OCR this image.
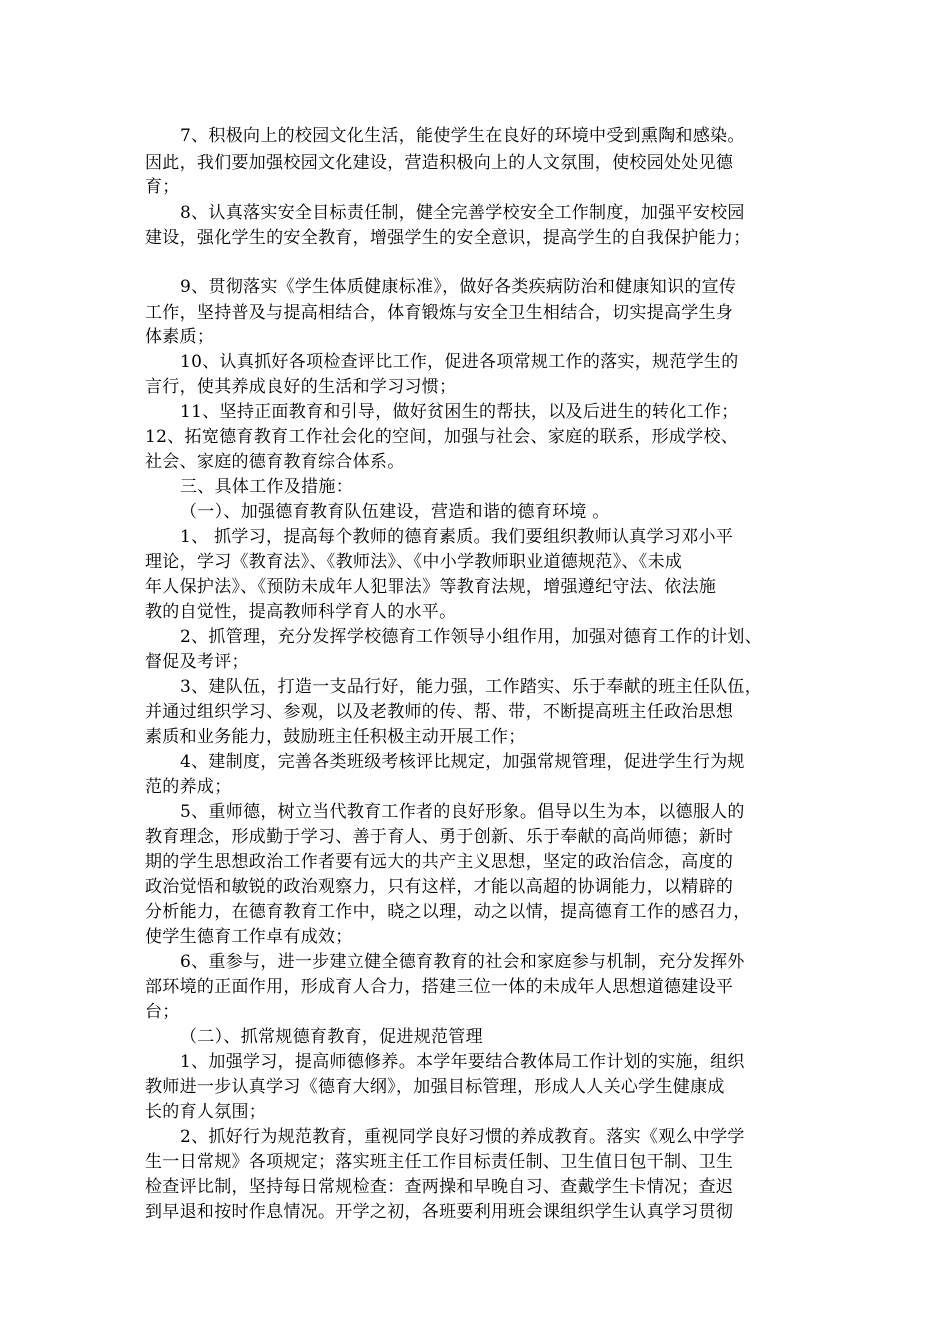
7、积极向上的校园文化生活，能使学生在良好的环境中受到熏陶和感染。
因此，我们要加强校园文化建设，营造积极向上的人文氛围，使校园处处见德
育；
8、认真落实安全目标责任制，健全完善学校安全工作制度，加强平安校园
建设，强化学生的安全教育，增强学生的安全意识，提高学生的自我保护能力；
9、贯彻落实《学生体质健康标准》，做好各类疾病防治和健康知识的宣传
工作，坚持普及与提高相结合，体育锻炼与安全卫生相结合，切实提高学生身
体素质；
10、认真抓好各项检查评比工作，促进各项常规工作的落实，规范学生的
言行，使其养成良好的生活和学习习惯；
11、坚持正面教育和引导，做好贫困生的帮扶，以及后进生的转化工作；
12、拓宽德育教育工作社会化的空间，加强与社会、家庭的联系，形成学校、
社会、家庭的德育教育综合体系。
三、具体工作及措施：
（一）、加强德育教育队伍建设，营造和谐的德育环境 。
1、 抓学习，提高每个教师的德育素质。我们要组织教师认真学习邓小平
理论，学习《教育法》、《教师法》、《中小学教师职业道德规范》、《未成
年人保护法》、《预防未成年人犯罪法》等教育法规，增强遵纪守法、依法施
教的自觉性，提高教师科学育人的水平。
2、抓管理，充分发挥学校德育工作领导小组作用，加强对德育工作的计划、
督促及考评；
3、建队伍，打造一支品行好，能力强，工作踏实、乐于奉献的班主任队伍，
并通过组织学习、参观，以及老教师的传、帮、带，不断提高班主任政治思想
素质和业务能力，鼓励班主任积极主动开展工作；
4、建制度，完善各类班级考核评比规定，加强常规管理，促进学生行为规
范的养成；
5、重师德，树立当代教育工作者的良好形象。倡导以生为本，以德服人的
教育理念，形成勤于学习、善于育人、勇于创新、乐于奉献的高尚师德；新时
期的学生思想政治工作者要有远大的共产主义思想，坚定的政治信念，高度的
政治觉悟和敏锐的政治观察力，只有这样，才能以高超的协调能力，以精辟的
分析能力，在德育教育工作中，晓之以理，动之以情，提高德育工作的感召力，
使学生德育工作卓有成效；
6、重参与，进一步建立健全德育教育的社会和家庭参与机制，充分发挥外
部环境的正面作用，形成育人合力，搭建三位一体的未成年人思想道德建设平
台；
（二）、抓常规德育教育，促进规范管理
1、加强学习，提高师德修养。本学年要结合教体局工作计划的实施，组织
教师进一步认真学习《德育大纲》，加强目标管理，形成人人关心学生健康成
长的育人氛围；
2、抓好行为规范教育，重视同学良好习惯的养成教育。落实《观么中学学
生一日常规》各项规定；落实班主任工作目标责任制、卫生值日包干制、卫生
检查评比制，坚持每日常规检查：查两操和早晚自习、查戴学生卡情况；查迟
到早退和按时作息情况。开学之初，各班要利用班会课组织学生认真学习贯彻
